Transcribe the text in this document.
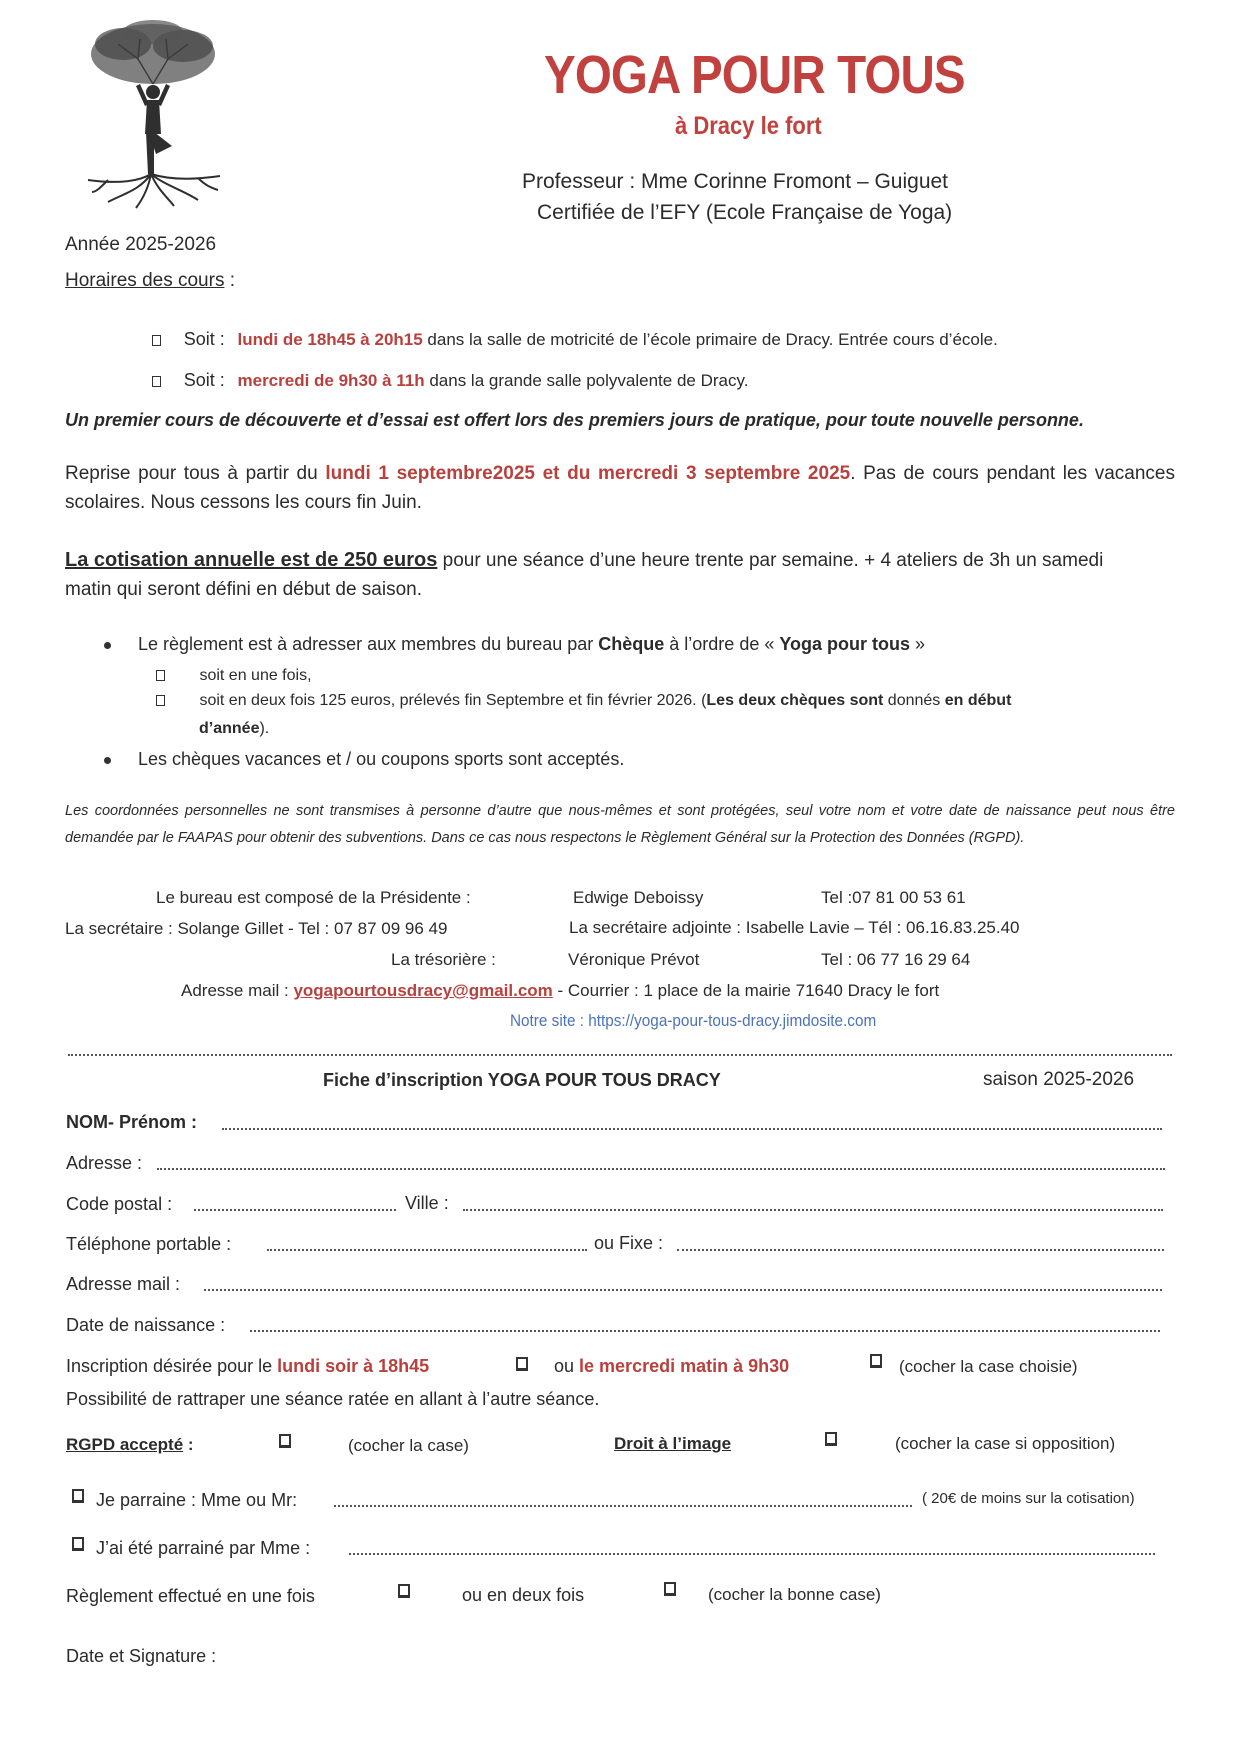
YOGA POUR TOUS
à Dracy le fort
Professeur : Mme Corinne Fromont – Guiguet
Certifiée de l’EFY (Ecole Française de Yoga)
Année 2025-2026
Horaires des cours :
Soit : lundi de 18h45 à 20h15 dans la salle de motricité de l’école primaire de Dracy. Entrée cours d’école.
Soit : mercredi de 9h30 à 11h dans la grande salle polyvalente de Dracy.
Un premier cours de découverte et d’essai est offert lors des premiers jours de pratique, pour toute nouvelle personne.
Reprise pour tous à partir du lundi 1 septembre2025 et du mercredi 3 septembre 2025. Pas de cours pendant les vacances scolaires. Nous cessons les cours fin Juin.
La cotisation annuelle est de 250 euros pour une séance d’une heure trente par semaine. + 4 ateliers de 3h un samedi matin qui seront défini en début de saison.
Le règlement est à adresser aux membres du bureau par Chèque à l’ordre de « Yoga pour tous »
soit en une fois,
soit en deux fois 125 euros, prélevés fin Septembre et fin février 2026. (Les deux chèques sont donnés en début
d’année).
Les chèques vacances et / ou coupons sports sont acceptés.
Les coordonnées personnelles ne sont transmises à personne d’autre que nous-mêmes et sont protégées, seul votre nom et votre date de naissance peut nous être demandée par le FAAPAS pour obtenir des subventions. Dans ce cas nous respectons le Règlement Général sur la Protection des Données (RGPD).
Le bureau est composé de la Présidente :	Edwige Deboissy	Tel :07 81 00 53 61
La secrétaire : Solange Gillet - Tel : 07 87 09 96 49	La secrétaire adjointe : Isabelle Lavie – Tél : 06.16.83.25.40
La trésorière :	Véronique Prévot	Tel : 06 77 16 29 64
Adresse mail : yogapourtousdracy@gmail.com - Courrier : 1 place de la mairie 71640 Dracy le fort
Notre site : https://yoga-pour-tous-dracy.jimdosite.com
Fiche d’inscription YOGA POUR TOUS DRACY	saison 2025-2026
NOM- Prénom :
Adresse :
Code postal :	Ville :
Téléphone portable :	ou Fixe :
Adresse mail :
Date de naissance :
Inscription désirée pour le lundi soir à 18h45	ou le mercredi matin à 9h30	(cocher la case choisie)
Possibilité de rattraper une séance ratée en allant à l’autre séance.
RGPD accepté :	(cocher la case)	Droit à l’image	(cocher la case si opposition)
Je parraine : Mme ou Mr:	( 20€ de moins sur la cotisation)
J’ai été parrainé par Mme :
Règlement effectué en une fois	ou en deux fois	(cocher la bonne case)
Date et Signature :
